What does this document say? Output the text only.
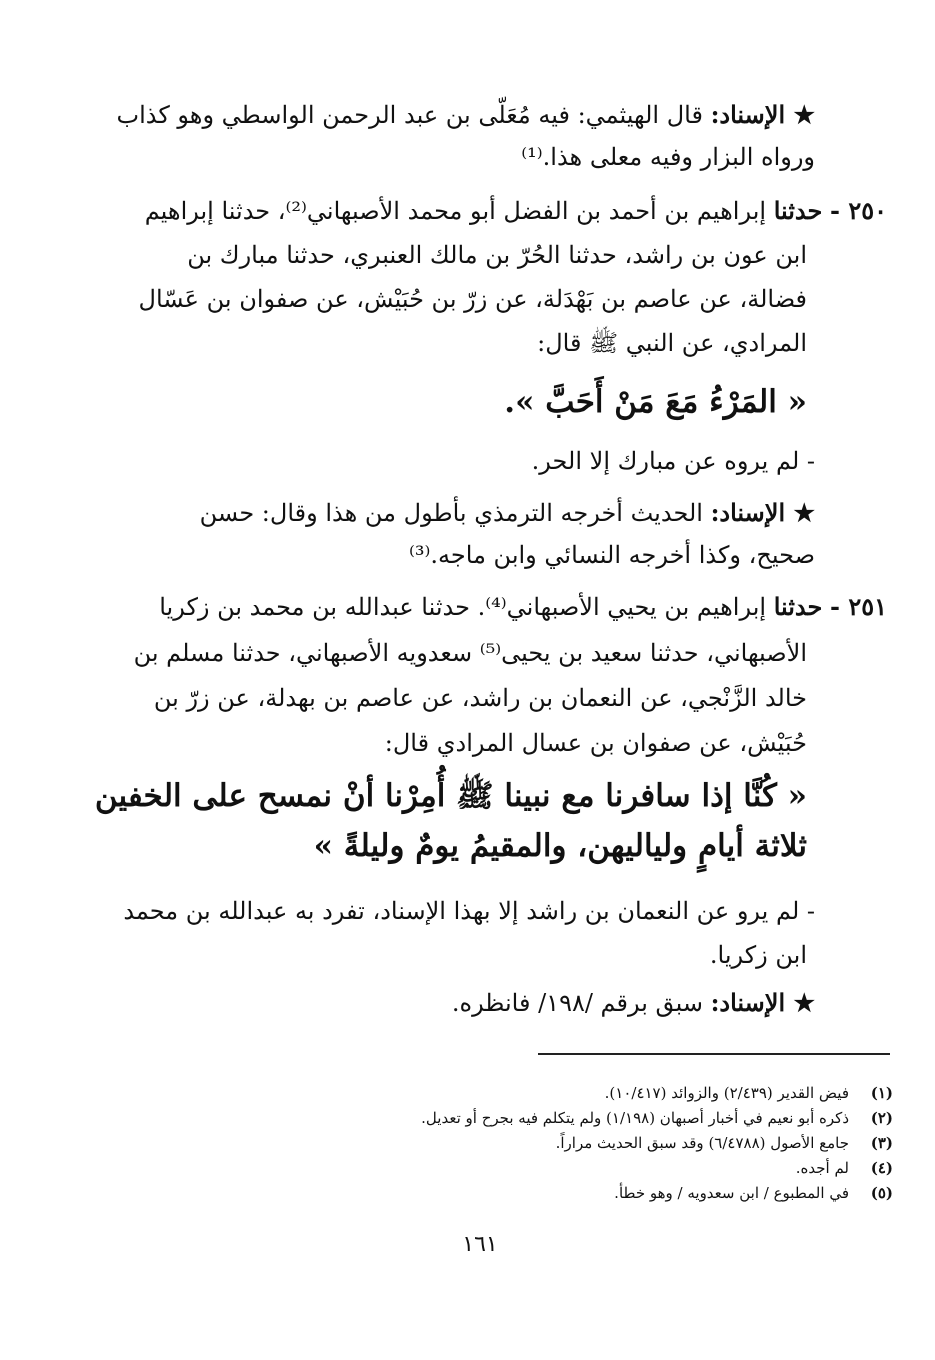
★ الإسناد: قال الهيثمي: فيه مُعَلّى بن عبد الرحمن الواسطي وهو كذاب
ورواه البزار وفيه معلى هذا.⁽¹⁾
٢٥٠ - حدثنا إبراهيم بن أحمد بن الفضل أبو محمد الأصبهاني⁽²⁾، حدثنا إبراهيم
ابن عون بن راشد، حدثنا الحُرّ بن مالك العنبري، حدثنا مبارك بن
فضالة، عن عاصم بن بَهْدَلة، عن زرّ بن حُبَيْش، عن صفوان بن عَسّال
المرادي، عن النبي ﷺ قال:
« المَرْءُ مَعَ مَنْ أَحَبَّ ».
- لم يروه عن مبارك إلا الحر.
★ الإسناد: الحديث أخرجه الترمذي بأطول من هذا وقال: حسن
صحيح، وكذا أخرجه النسائي وابن ماجه.⁽³⁾
٢٥١ - حدثنا إبراهيم بن يحيي الأصبهاني⁽⁴⁾. حدثنا عبدالله بن محمد بن زكريا
الأصبهاني، حدثنا سعيد بن يحيى⁽⁵⁾ سعدويه الأصبهاني، حدثنا مسلم بن
خالد الزَّنْجي، عن النعمان بن راشد، عن عاصم بن بهدلة، عن زرّ بن
حُبَيْش، عن صفوان بن عسال المرادي قال:
« كُنَّا إذا سافرنا مع نبينا ﷺ أُمِرْنا أنْ نمسح على الخفين
ثلاثة أيامٍ ولياليهن، والمقيمُ يومٌ وليلةً »
- لم يرو عن النعمان بن راشد إلا بهذا الإسناد، تفرد به عبدالله بن محمد
ابن زكريا.
★ الإسناد: سبق برقم /١٩٨/ فانظره.
(١)فيض القدير (٢/٤٣٩) والزوائد (١٠/٤١٧).
(٢)ذكره أبو نعيم في أخبار أصبهان (١/١٩٨) ولم يتكلم فيه بجرح أو تعديل.
(٣)جامع الأصول (٦/٤٧٨٨) وقد سبق الحديث مراراً.
(٤)لم أجده.
(٥)في المطبوع / ابن سعدويه / وهو خطأ.
١٦١
